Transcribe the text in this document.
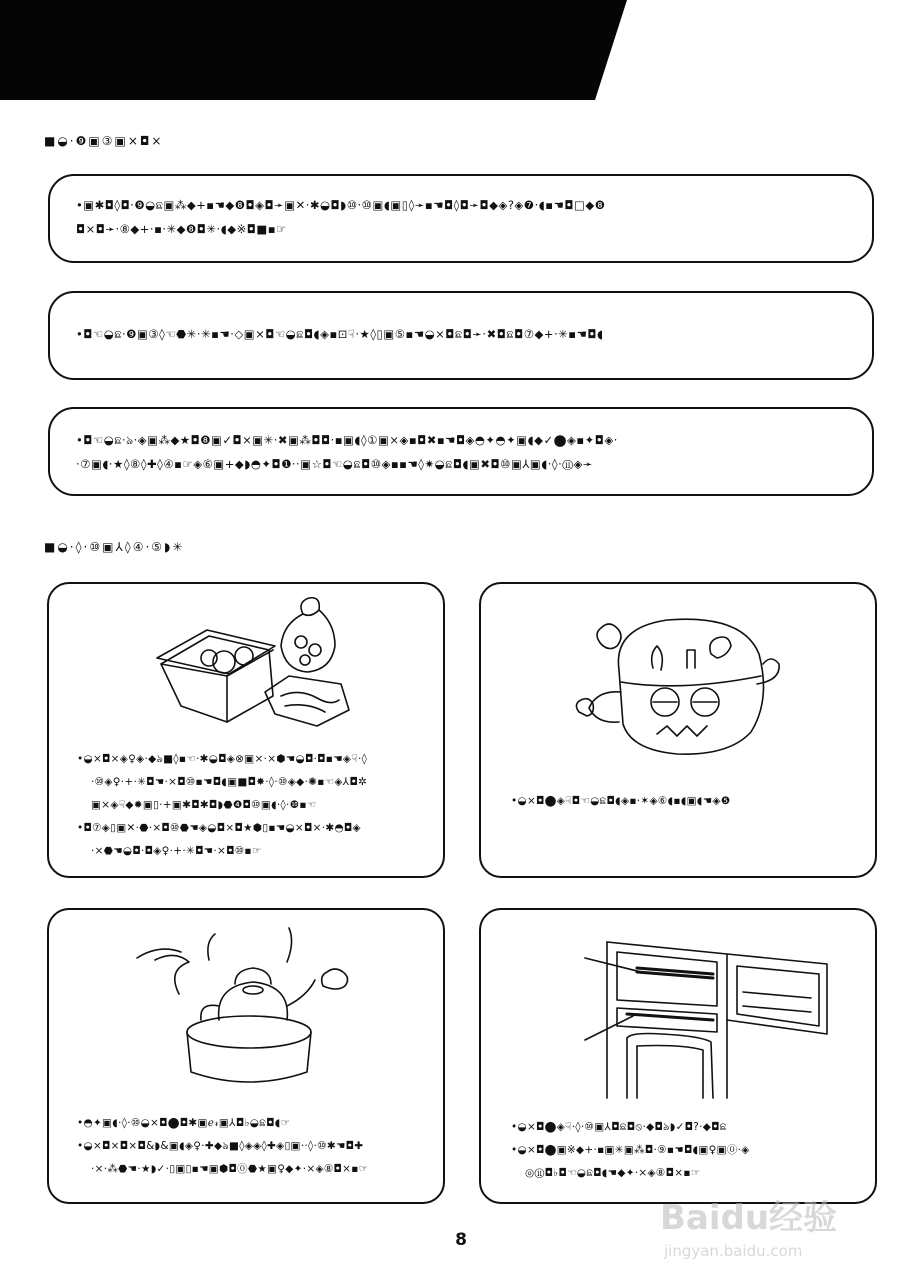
■◒·❾▣③▣×◘×

•▣✱◘◊◘·❾◒ଛ▣⁂◆+▪☚◆❽◘◈◘➛▣✕·✱◒◘◗⑩·⑩▣◖▣▯◊➛▪☚◘◊◘➛◘◆◈?◈❼·◖▪☚◘□◆❽

◘×◘➛·⑧◆+·▪·✳◆❽◘✳·◖◆※◘■▪☞

•◘☜◒ଛ·❾▣③◊☜⬣✳·✳▪☚·◇▣×◘☜◒ଛ◘◖◈▪⊡☟·★◊▯▣⑤▪☚◒×◘ଛ◘➛·✖◘ଛ◘⑦◆+·✳▪☚◘◖

•◘☜◒ଛ·ঌ·◈▣⁂◆★◘❽▣✓◘×▣✳·✖▣⁂◘◘·▪▣◖◊①▣×◈▪◘✖▪☚◘◈◓✦◓✦▣◖◆✓⬤◈▪✦◘◈·

·⑦▣◖·★◊⑧◊✚◊④▪☞◈⑥▣+◆◗◓✦◘❶··▣☆◘☜◒ଛ◘⑩◈▪▪☚◊✷◒ଛ◘◖▣✖◘⑩▣⅄▣◖·◊·⑪◈➛

■◒·◊·⑩▣⅄◊④·⑤◗✳
•◒×◘×◈♀◈·◆ঌ■◊▪☜·✱◒◘◈⊗▣×·×⬢☚◒◘·◘▪☚◈☟·◊
·⑩◈♀·+·✳◘☚·×◘⑩▪☚◘◖▣■◘✸·◊·⑩◈◆·✺▪☜◈⅄◘✲
▣×◈☟◆✹▣▯·+▣✱◘✱◘◗⬣❹◘⑩▣◖·◊·❿▪☜
•◘⑦◈▯▣✕·⬣·×◘⑩⬣☚◈◒◘×◘★⬢▯▪☚◒×◘×·✱◓◘◈
·×⬣☚◒◘·◘◈♀·+·✳◘☚·×◘⑩▪☞
•◒×◘⬤◈☟◘☜◒ଛ◘◖◈▪·✶◈⑥◖▪◖▣◖☚◈❺
•◓✦▣◖·◊·⑩◒×◘⬤◘✱▣ℯ𝓇▣⅄◘♭◒ଛ◘◖☞
•◒×◘×◘×◘&◗&▣◖◈♀·✚◆ঌ■◊◈◈◊✚◈▯▣··◊·⑩✱☚◘✚
·×·⁂⬣☚·★◗✓·▯▣▯▪☚▣⬢◘⓪⬣★▣♀◆✦·×◈⑧◘×▪☞
•◒×◘⬤◈☟·◊·⑩▣⅄◘ଛ◘⦸·◆◘ঌ◗✓◘?·◆◘ଛ
•◒×◘⬤▣※◆+·▪▣✳▣⁂◘·⑨▪☚◘◖▣♀▣⓪·◈
◎⑪◘♭◘☜◒ଛ◘◖☚◆✦·×◈⑧◘×▪☞
8
Baidu经验
jingyan.baidu.com
